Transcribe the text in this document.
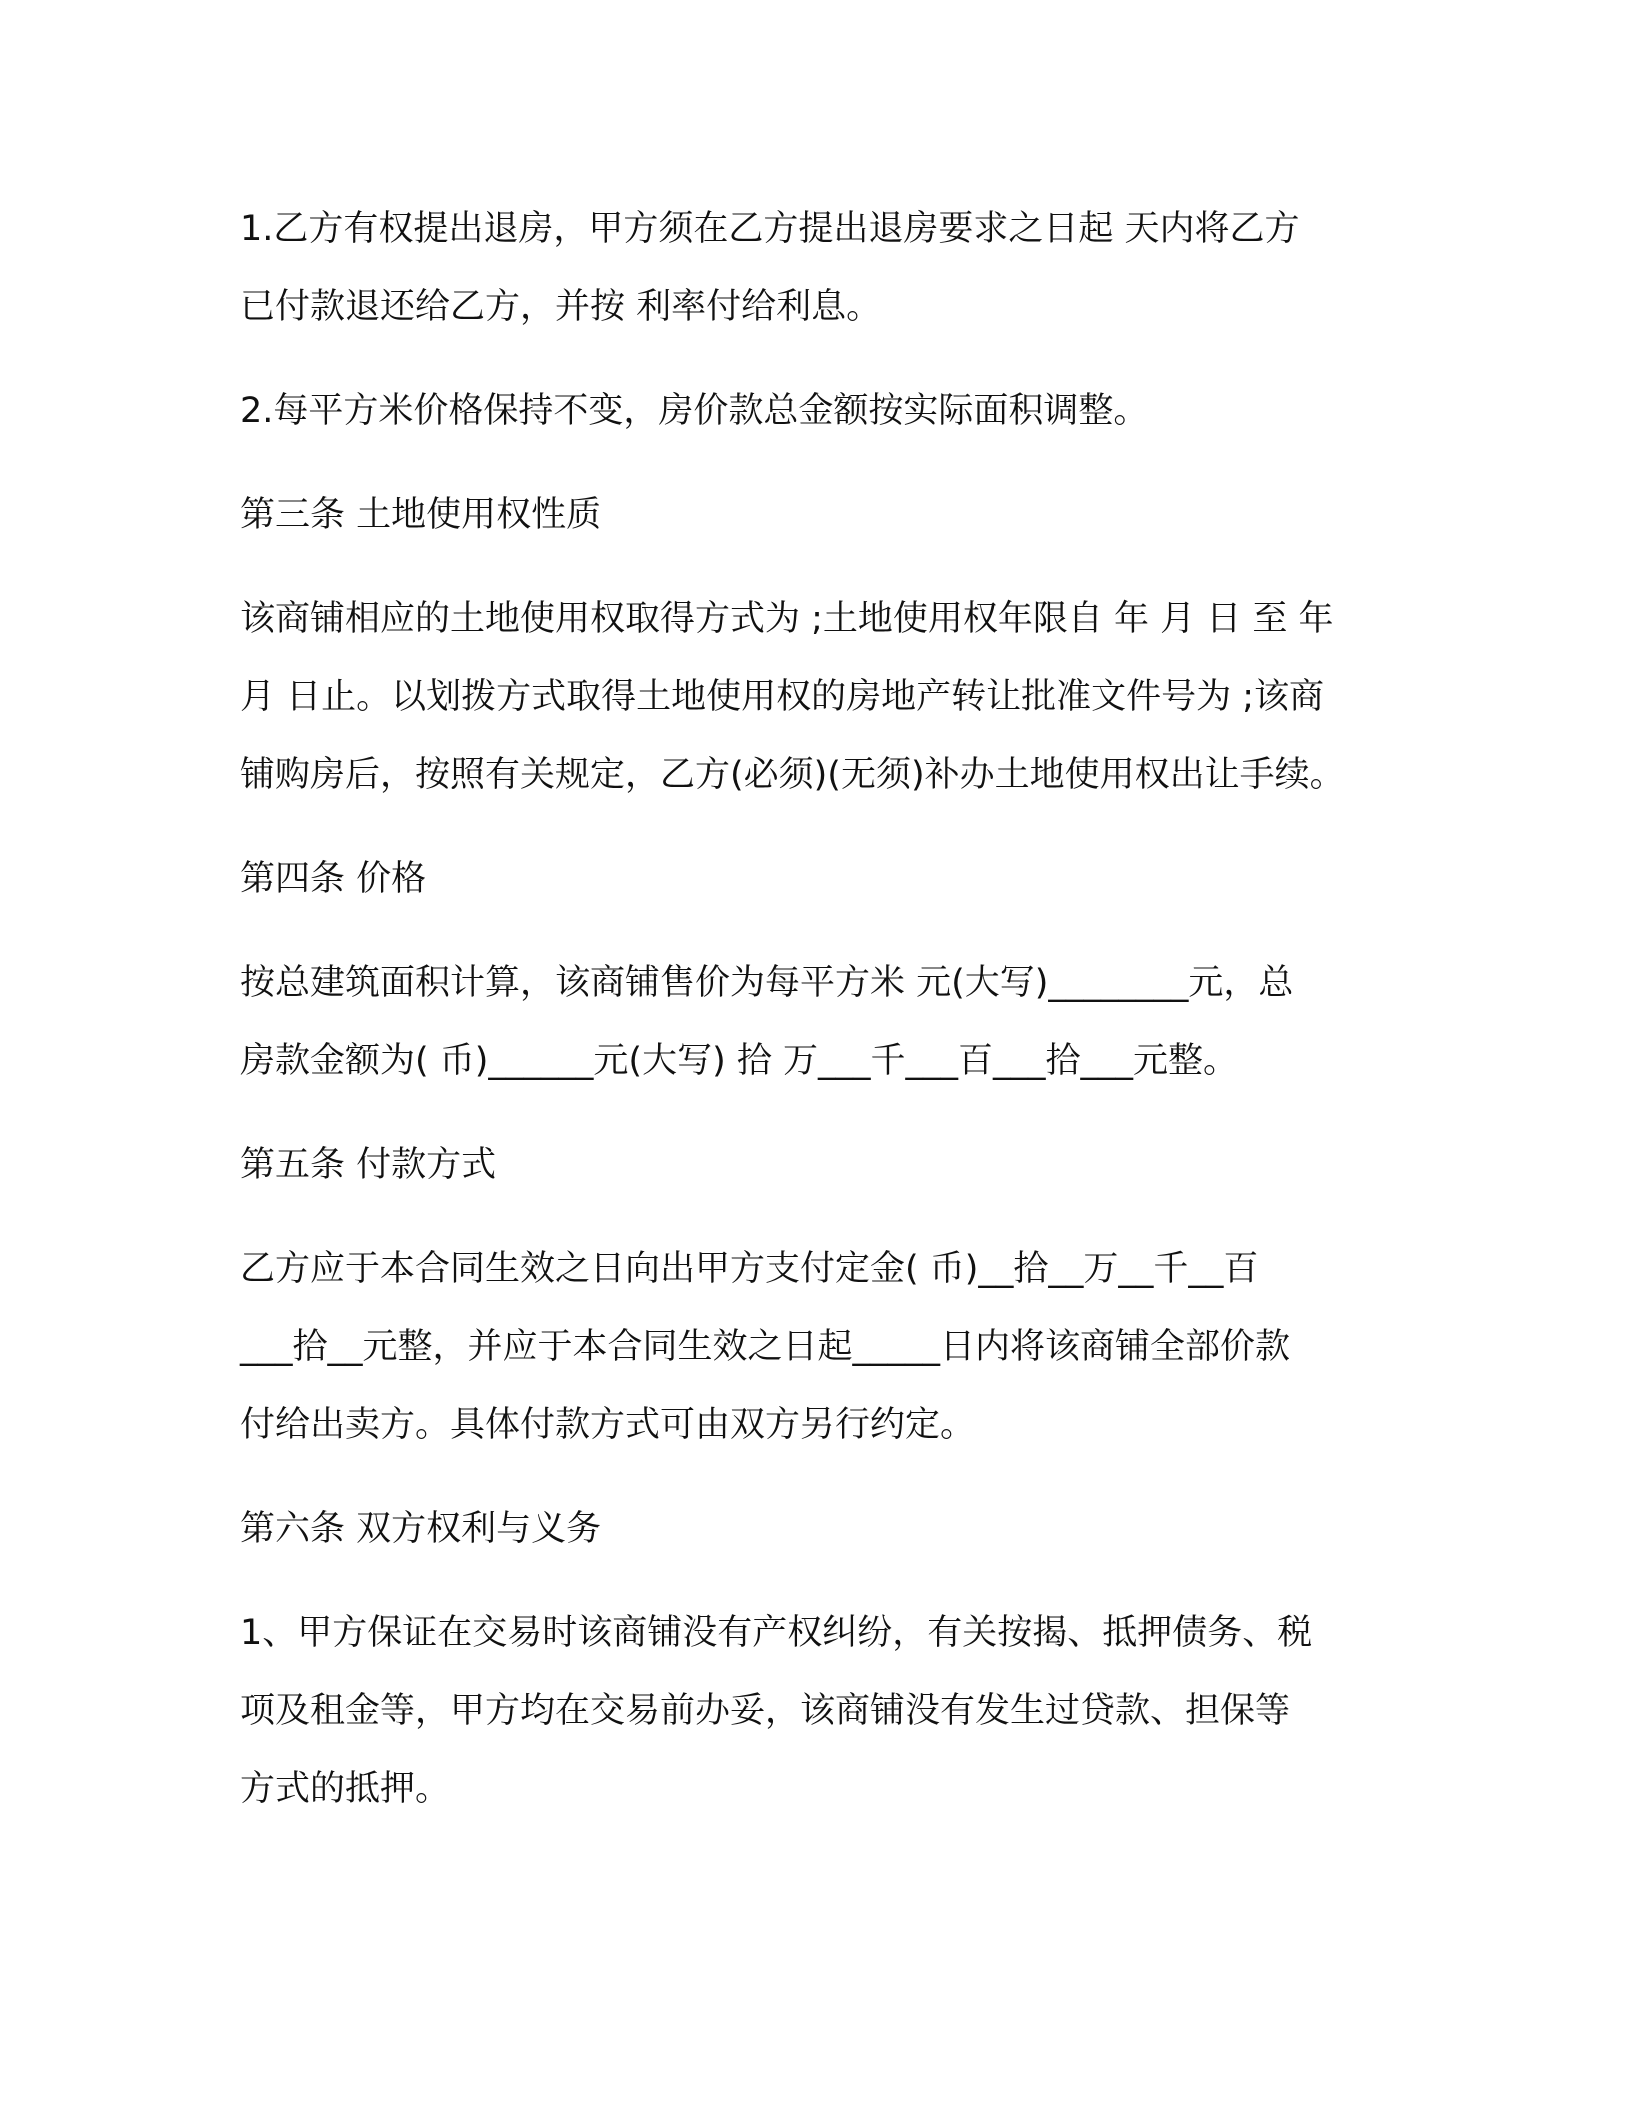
1.乙方有权提出退房，甲方须在乙方提出退房要求之日起 天内将乙方
已付款退还给乙方，并按 利率付给利息。

2.每平方米价格保持不变，房价款总金额按实际面积调整。

第三条 土地使用权性质

该商铺相应的土地使用权取得方式为 ;土地使用权年限自 年 月 日 至 年
月 日止。以划拨方式取得土地使用权的房地产转让批准文件号为 ;该商
铺购房后，按照有关规定，乙方(必须)(无须)补办土地使用权出让手续。

第四条 价格

按总建筑面积计算，该商铺售价为每平方米 元(大写)________元，总
房款金额为( 币)______元(大写) 拾 万___千___百___拾___元整。

第五条 付款方式

乙方应于本合同生效之日向出甲方支付定金( 币)__拾__万__千__百
___拾__元整，并应于本合同生效之日起_____日内将该商铺全部价款
付给出卖方。具体付款方式可由双方另行约定。

第六条 双方权利与义务

1、甲方保证在交易时该商铺没有产权纠纷，有关按揭、抵押债务、税
项及租金等，甲方均在交易前办妥，该商铺没有发生过贷款、担保等
方式的抵押。
